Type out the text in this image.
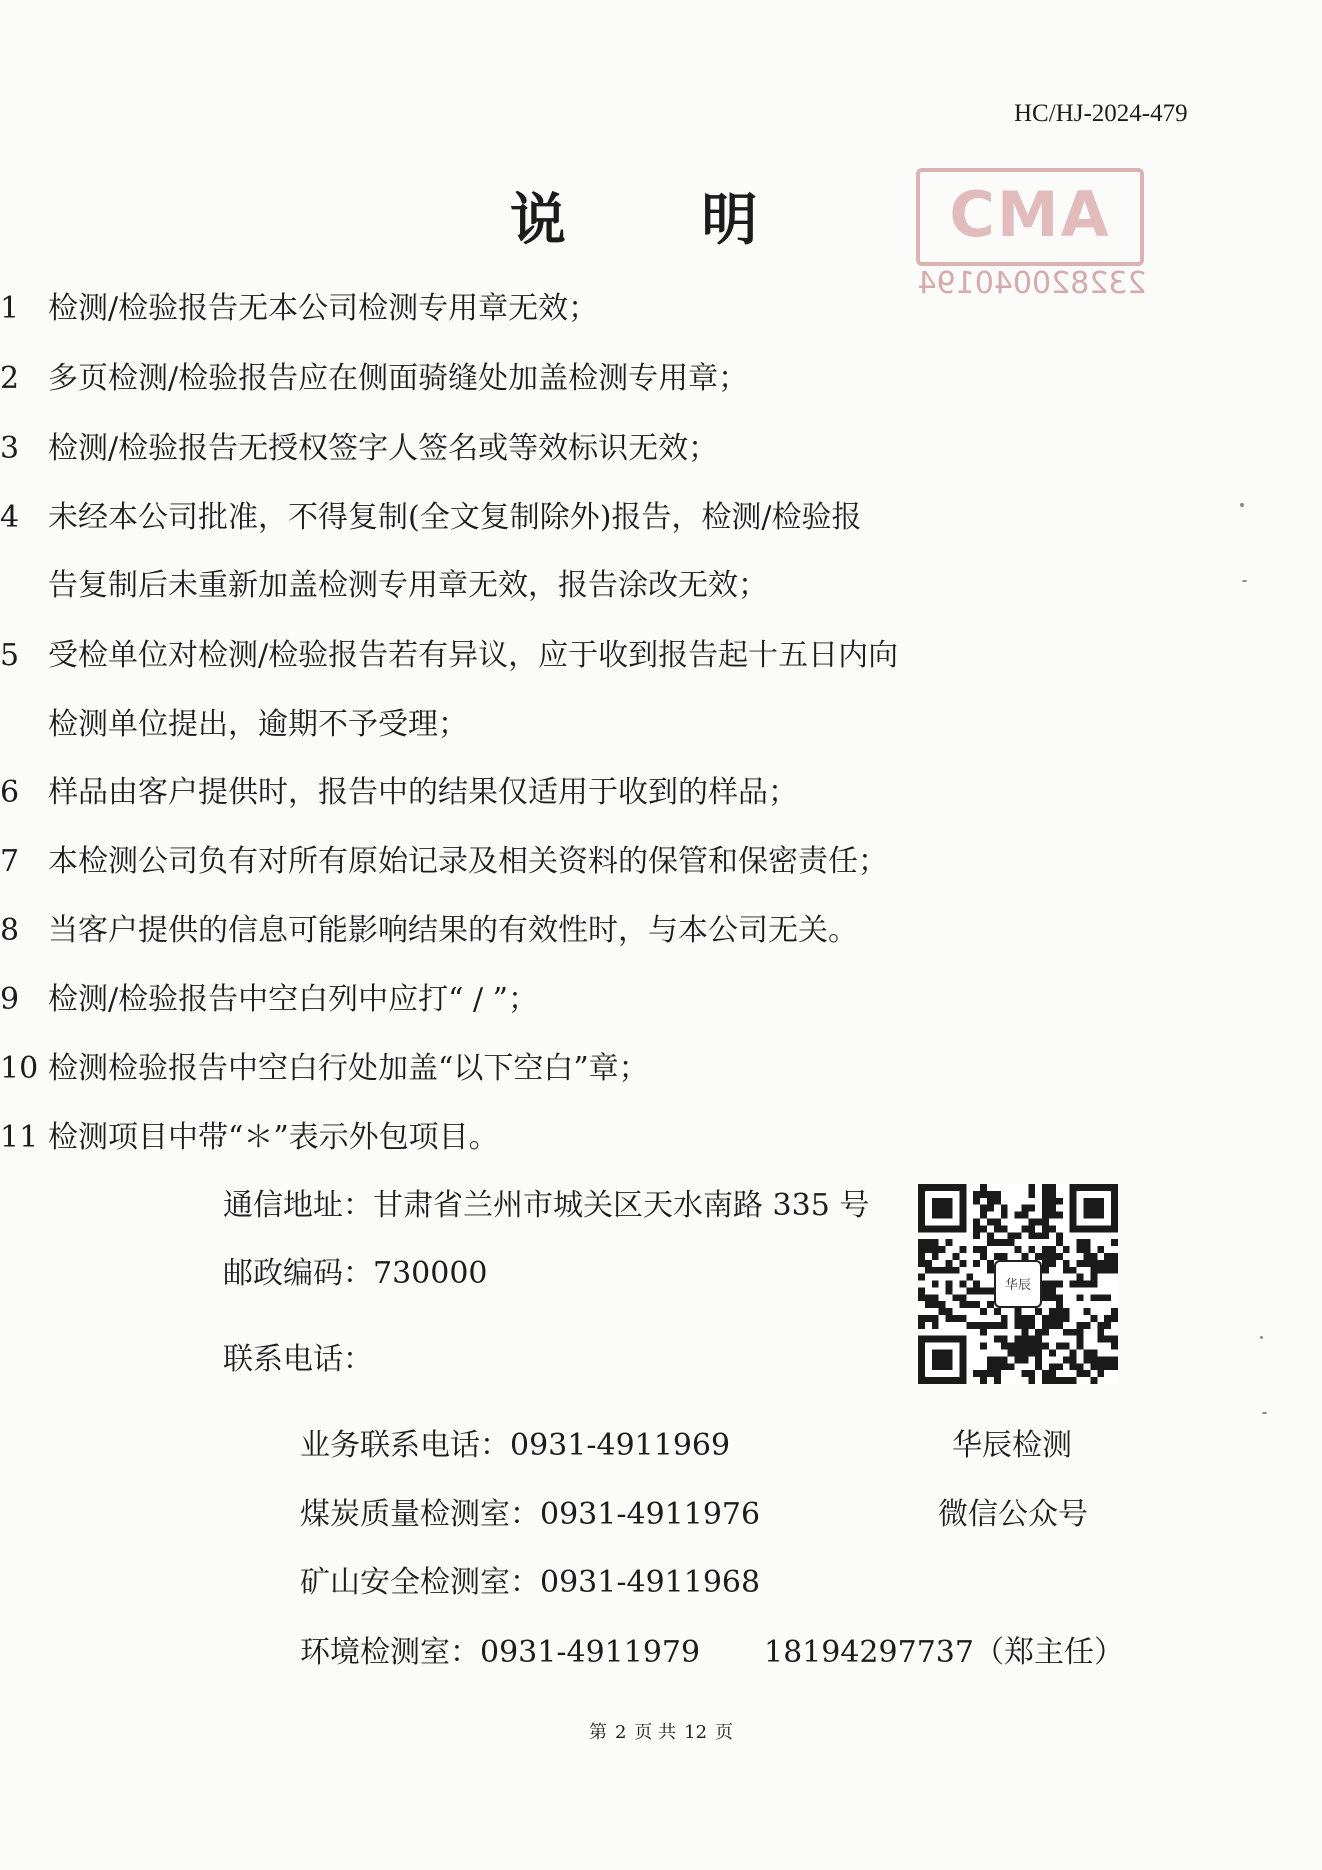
HC/HJ-2024-479
CMA
232820040194
说 明
1 检测/检验报告无本公司检测专用章无效；
2 多页检测/检验报告应在侧面骑缝处加盖检测专用章；
3 检测/检验报告无授权签字人签名或等效标识无效；
4 未经本公司批准，不得复制(全文复制除外)报告，检测/检验报
告复制后未重新加盖检测专用章无效，报告涂改无效；
5 受检单位对检测/检验报告若有异议，应于收到报告起十五日内向
检测单位提出，逾期不予受理；
6 样品由客户提供时，报告中的结果仅适用于收到的样品；
7 本检测公司负有对所有原始记录及相关资料的保管和保密责任；
8 当客户提供的信息可能影响结果的有效性时，与本公司无关。
9 检测/检验报告中空白列中应打“ / ”；
10 检测检验报告中空白行处加盖“以下空白”章；
11 检测项目中带“＊”表示外包项目。
通信地址：甘肃省兰州市城关区天水南路 335 号
邮政编码：730000
联系电话：
业务联系电话：0931-4911969
煤炭质量检测室：0931-4911976
矿山安全检测室：0931-4911968
环境检测室：0931-4911979 18194297737（郑主任）
华辰
华辰检测
微信公众号
第 2 页 共 12 页
